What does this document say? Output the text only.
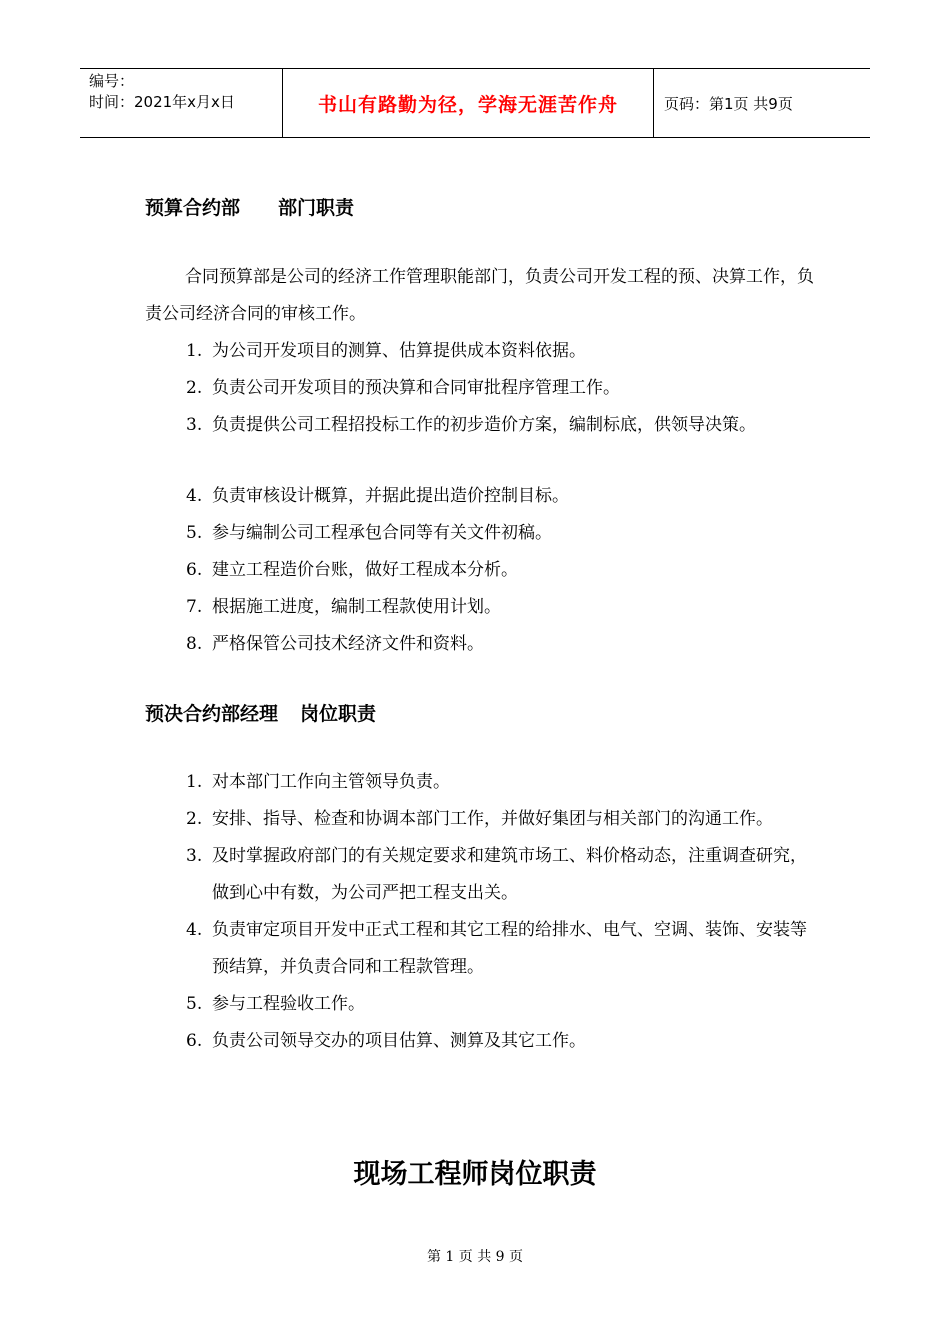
编号：
时间：2021年x月x日	书山有路勤为径，学海无涯苦作舟	页码：第1页 共9页
预算合约部 部门职责
合同预算部是公司的经济工作管理职能部门，负责公司开发工程的预、决算工作，负责公司经济合同的审核工作。
1. 为公司开发项目的测算、估算提供成本资料依据。
2. 负责公司开发项目的预决算和合同审批程序管理工作。
3. 负责提供公司工程招投标工作的初步造价方案，编制标底，供领导决策。
4. 负责审核设计概算，并据此提出造价控制目标。
5. 参与编制公司工程承包合同等有关文件初稿。
6. 建立工程造价台账，做好工程成本分析。
7. 根据施工进度，编制工程款使用计划。
8. 严格保管公司技术经济文件和资料。
预决合约部经理 岗位职责
1. 对本部门工作向主管领导负责。
2. 安排、指导、检查和协调本部门工作，并做好集团与相关部门的沟通工作。
3. 及时掌握政府部门的有关规定要求和建筑市场工、料价格动态，注重调查研究，做到心中有数，为公司严把工程支出关。
4. 负责审定项目开发中正式工程和其它工程的给排水、电气、空调、装饰、安装等预结算，并负责合同和工程款管理。
5. 参与工程验收工作。
6. 负责公司领导交办的项目估算、测算及其它工作。
现场工程师岗位职责
第 1 页 共 9 页
